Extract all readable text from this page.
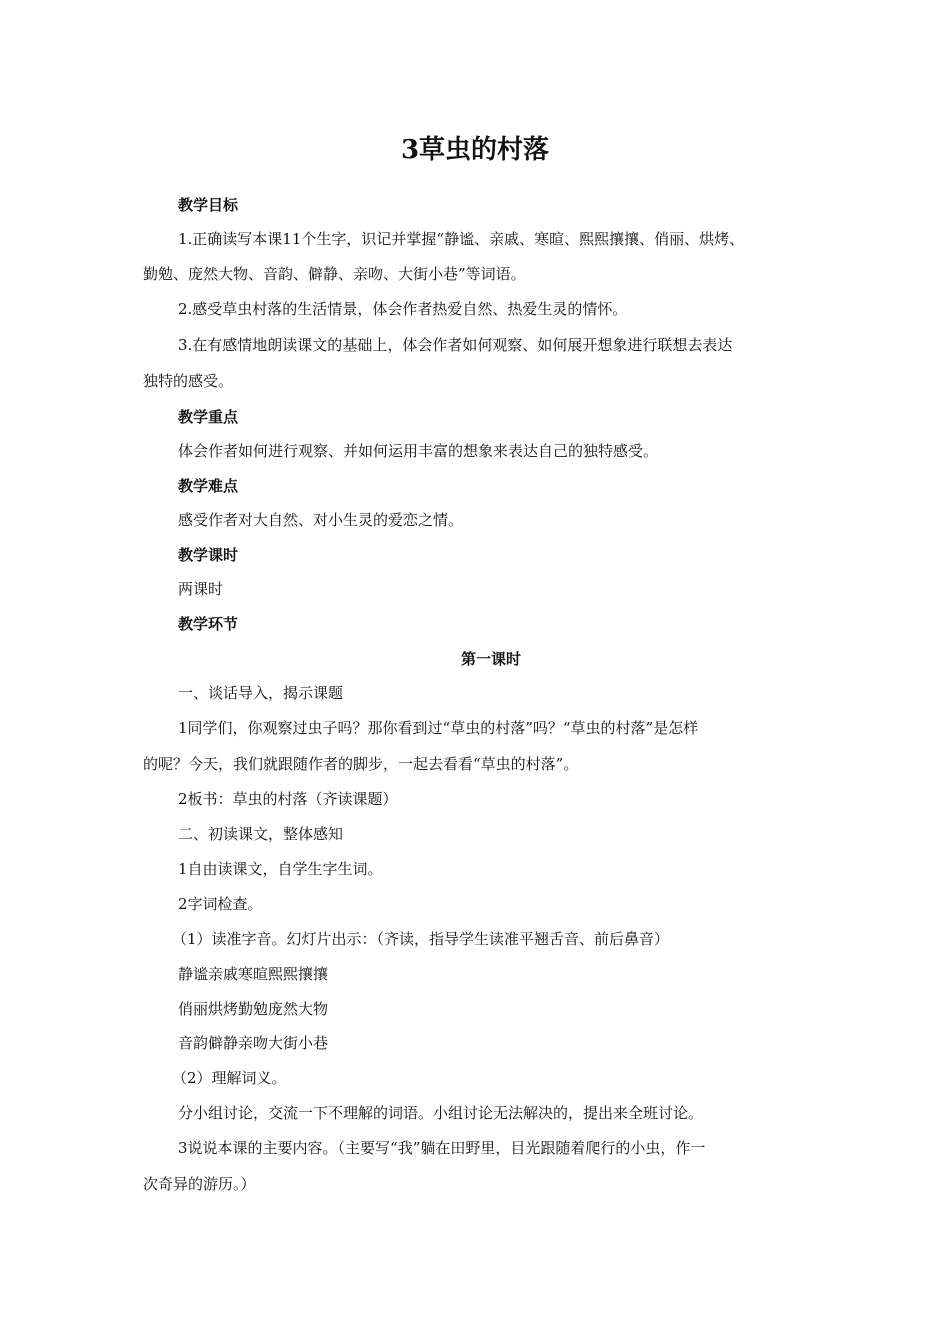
3草虫的村落
教学目标
1.正确读写本课11个生字，识记并掌握“静谧、亲戚、寒暄、熙熙攘攘、俏丽、烘烤、
勤勉、庞然大物、音韵、僻静、亲吻、大街小巷”等词语。
2.感受草虫村落的生活情景，体会作者热爱自然、热爱生灵的情怀。
3.在有感情地朗读课文的基础上，体会作者如何观察、如何展开想象进行联想去表达
独特的感受。
教学重点
体会作者如何进行观察、并如何运用丰富的想象来表达自己的独特感受。
教学难点
感受作者对大自然、对小生灵的爱恋之情。
教学课时
两课时
教学环节
第一课时
一、谈话导入，揭示课题
1同学们，你观察过虫子吗？那你看到过“草虫的村落”吗？“草虫的村落”是怎样
的呢？今天，我们就跟随作者的脚步，一起去看看“草虫的村落”。
2板书：草虫的村落（齐读课题）
二、初读课文，整体感知
1自由读课文，自学生字生词。
2字词检查。
（1）读准字音。幻灯片出示：（齐读，指导学生读准平翘舌音、前后鼻音）
静谧亲戚寒暄熙熙攘攘
俏丽烘烤勤勉庞然大物
音韵僻静亲吻大街小巷
（2）理解词义。
分小组讨论，交流一下不理解的词语。小组讨论无法解决的，提出来全班讨论。
3说说本课的主要内容。（主要写“我”躺在田野里，目光跟随着爬行的小虫，作一
次奇异的游历。）
